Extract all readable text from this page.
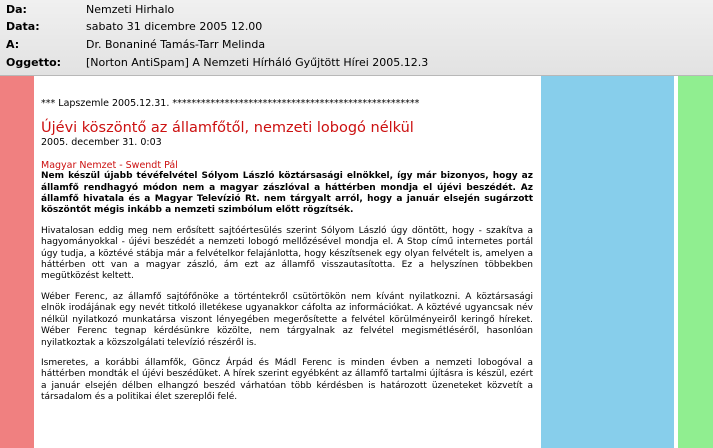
Da:	Nemzeti Hirhalo
Data:	sabato 31 dicembre 2005 12.00
A:	Dr. Bonaniné Tamás-Tarr Melinda
Oggetto: [Norton AntiSpam] A Nemzeti Hírháló Gyűjtött Hírei 2005.12.3
*** Lapszemle 2005.12.31. ****************************************************
Újévi köszöntő az államfőtől, nemzeti lobogó nélkül
2005. december 31. 0:03
Magyar Nemzet - Swendt Pál
Nem készül újabb tévéfelvétel Sólyom László köztársasági elnökkel, így már bizonyos, hogy az államfő rendhagyó módon nem a magyar zászlóval a háttérben mondja el újévi beszédét. Az államfő hivatala és a Magyar Televízió Rt. nem tárgyalt arról, hogy a január elsején sugárzott köszöntőt mégis inkább a nemzeti szimbólum előtt rögzítsék.

Hivatalosan eddig meg nem erősített sajtóértesülés szerint Sólyom László úgy döntött, hogy - szakítva a hagyományokkal - újévi beszédét a nemzeti lobogó mellőzésével mondja el. A Stop című internetes portál úgy tudja, a köztévé stábja már a felvételkor felajánlotta, hogy készítsenek egy olyan felvételt is, amelyen a háttérben ott van a magyar zászló, ám ezt az államfő visszautasította. Ez a helyszínen többekben megütközést keltett.

Wéber Ferenc, az államfő sajtófőnöke a történtekről csütörtökön nem kívánt nyilatkozni. A köztársasági elnök irodájának egy nevét titkoló illetékese ugyanakkor cáfolta az információkat. A köztévé ugyancsak név nélkül nyilatkozó munkatársa viszont lényegében megerősítette a felvétel körülményeiről keringő híreket. Wéber Ferenc tegnap kérdésünkre közölte, nem tárgyalnak az felvétel megismétléséről, hasonlóan nyilatkoztak a közszolgálati televízió részéről is.

Ismeretes, a korábbi államfők, Göncz Árpád és Mádl Ferenc is minden évben a nemzeti lobogóval a háttérben mondták el újévi beszédüket. A hírek szerint egyébként az államfő tartalmi újításra is készül, ezért a január elsején délben elhangzó beszéd várhatóan több kérdésben is határozott üzeneteket közvetít a társadalom és a politikai élet szereplői felé.
